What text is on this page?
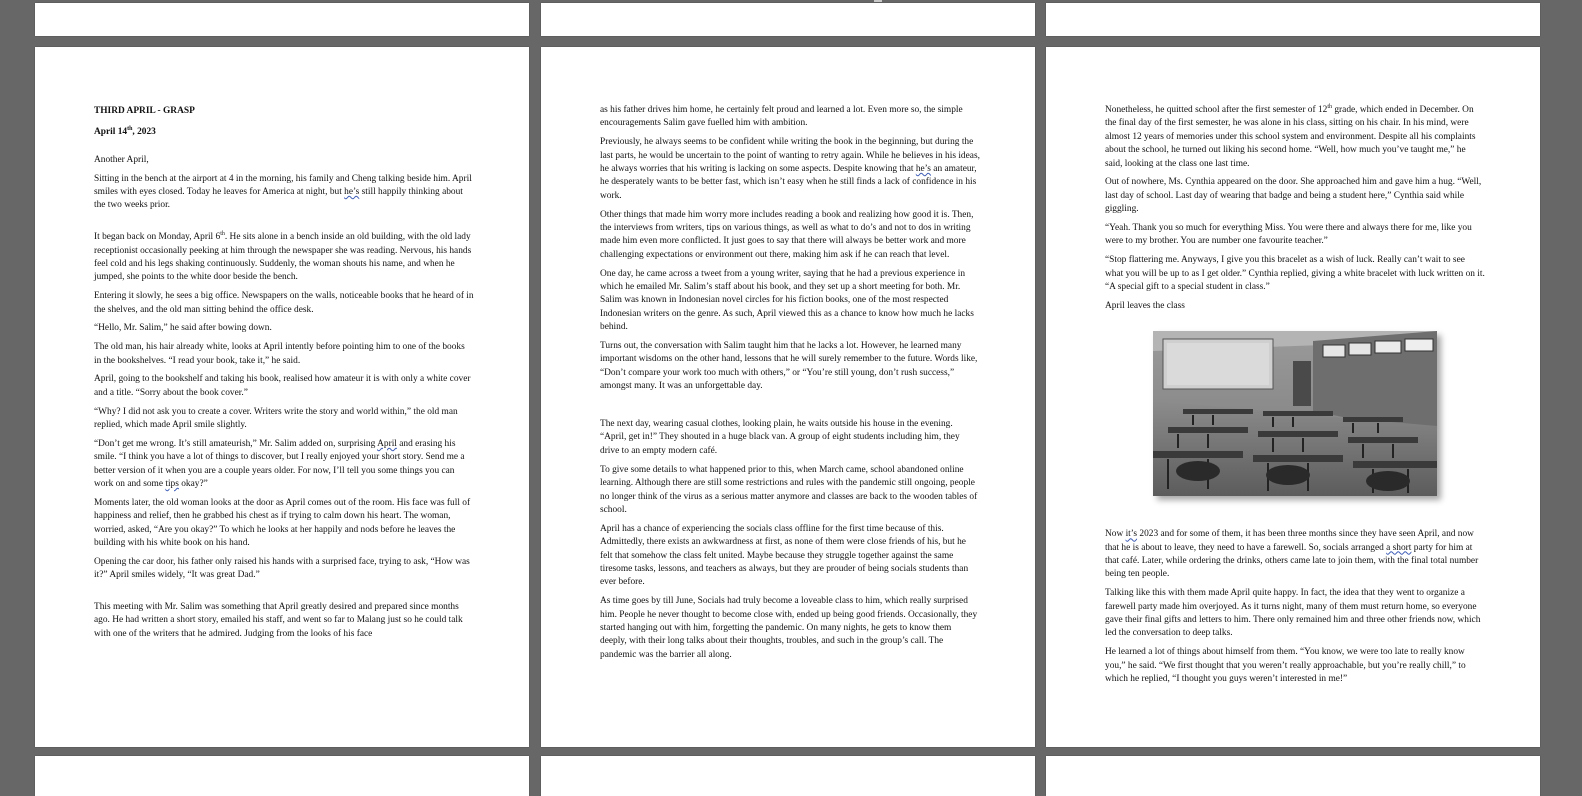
THIRD APRIL - GRASP

April 14th, 2023

Another April,

Sitting in the bench at the airport at 4 in the morning, his family and Cheng talking beside him. April smiles with eyes closed. Today he leaves for America at night, but he’s still happily thinking about the two weeks prior.

It began back on Monday, April 6th. He sits alone in a bench inside an old building, with the old lady receptionist occasionally peeking at him through the newspaper she was reading. Nervous, his hands feel cold and his legs shaking continuously. Suddenly, the woman shouts his name, and when he jumped, she points to the white door beside the bench.

Entering it slowly, he sees a big office. Newspapers on the walls, noticeable books that he heard of in the shelves, and the old man sitting behind the office desk.

“Hello, Mr. Salim,” he said after bowing down.

The old man, his hair already white, looks at April intently before pointing him to one of the books in the bookshelves. “I read your book, take it,” he said.

April, going to the bookshelf and taking his book, realised how amateur it is with only a white cover and a title. “Sorry about the book cover.”

“Why? I did not ask you to create a cover. Writers write the story and world within,” the old man replied, which made April smile slightly.

“Don’t get me wrong. It’s still amateurish,” Mr. Salim added on, surprising April and erasing his smile. “I think you have a lot of things to discover, but I really enjoyed your short story. Send me a better version of it when you are a couple years older. For now, I’ll tell you some things you can work on and some tips okay?”

Moments later, the old woman looks at the door as April comes out of the room. His face was full of happiness and relief, then he grabbed his chest as if trying to calm down his heart. The woman, worried, asked, “Are you okay?” To which he looks at her happily and nods before he leaves the building with his white book on his hand.

Opening the car door, his father only raised his hands with a surprised face, trying to ask, “How was it?” April smiles widely, “It was great Dad.”

This meeting with Mr. Salim was something that April greatly desired and prepared since months ago. He had written a short story, emailed his staff, and went so far to Malang just so he could talk with one of the writers that he admired. Judging from the looks of his face

as his father drives him home, he certainly felt proud and learned a lot. Even more so, the simple encouragements Salim gave fuelled him with ambition.

Previously, he always seems to be confident while writing the book in the beginning, but during the last parts, he would be uncertain to the point of wanting to retry again. While he believes in his ideas, he always worries that his writing is lacking on some aspects. Despite knowing that he’s an amateur, he desperately wants to be better fast, which isn’t easy when he still finds a lack of confidence in his work.

Other things that made him worry more includes reading a book and realizing how good it is. Then, the interviews from writers, tips on various things, as well as what to do’s and not to dos in writing made him even more conflicted. It just goes to say that there will always be better work and more challenging expectations or environment out there, making him ask if he can reach that level.

One day, he came across a tweet from a young writer, saying that he had a previous experience in which he emailed Mr. Salim’s staff about his book, and they set up a short meeting for both. Mr. Salim was known in Indonesian novel circles for his fiction books, one of the most respected Indonesian writers on the genre. As such, April viewed this as a chance to know how much he lacks behind.

Turns out, the conversation with Salim taught him that he lacks a lot. However, he learned many important wisdoms on the other hand, lessons that he will surely remember to the future. Words like, “Don’t compare your work too much with others,” or “You’re still young, don’t rush success,” amongst many. It was an unforgettable day.

The next day, wearing casual clothes, looking plain, he waits outside his house in the evening. “April, get in!” They shouted in a huge black van. A group of eight students including him, they drive to an empty modern café.

To give some details to what happened prior to this, when March came, school abandoned online learning. Although there are still some restrictions and rules with the pandemic still ongoing, people no longer think of the virus as a serious matter anymore and classes are back to the wooden tables of school.

April has a chance of experiencing the socials class offline for the first time because of this. Admittedly, there exists an awkwardness at first, as none of them were close friends of his, but he felt that somehow the class felt united. Maybe because they struggle together against the same tiresome tasks, lessons, and teachers as always, but they are prouder of being socials students than ever before.

As time goes by till June, Socials had truly become a loveable class to him, which really surprised him. People he never thought to become close with, ended up being good friends. Occasionally, they started hanging out with him, forgetting the pandemic. On many nights, he gets to know them deeply, with their long talks about their thoughts, troubles, and such in the group’s call. The pandemic was the barrier all along.

Nonetheless, he quitted school after the first semester of 12th grade, which ended in December. On the final day of the first semester, he was alone in his class, sitting on his chair. In his mind, were almost 12 years of memories under this school system and environment. Despite all his complaints about the school, he turned out liking his second home. “Well, how much you’ve taught me,” he said, looking at the class one last time.

Out of nowhere, Ms. Cynthia appeared on the door. She approached him and gave him a hug. “Well, last day of school. Last day of wearing that badge and being a student here,” Cynthia said while giggling.

“Yeah. Thank you so much for everything Miss. You were there and always there for me, like you were to my brother. You are number one favourite teacher.”

“Stop flattering me. Anyways, I give you this bracelet as a wish of luck. Really can’t wait to see what you will be up to as I get older.” Cynthia replied, giving a white bracelet with luck written on it. “A special gift to a special student in class.”

April leaves the class

Now it’s 2023 and for some of them, it has been three months since they have seen April, and now that he is about to leave, they need to have a farewell. So, socials arranged a short party for him at that café. Later, while ordering the drinks, others came late to join them, with the final total number being ten people.

Talking like this with them made April quite happy. In fact, the idea that they went to organize a farewell party made him overjoyed. As it turns night, many of them must return home, so everyone gave their final gifts and letters to him. There only remained him and three other friends now, which led the conversation to deep talks.

He learned a lot of things about himself from them. “You know, we were too late to really know you,” he said. “We first thought that you weren’t really approachable, but you’re really chill,” to which he replied, “I thought you guys weren’t interested in me!”
